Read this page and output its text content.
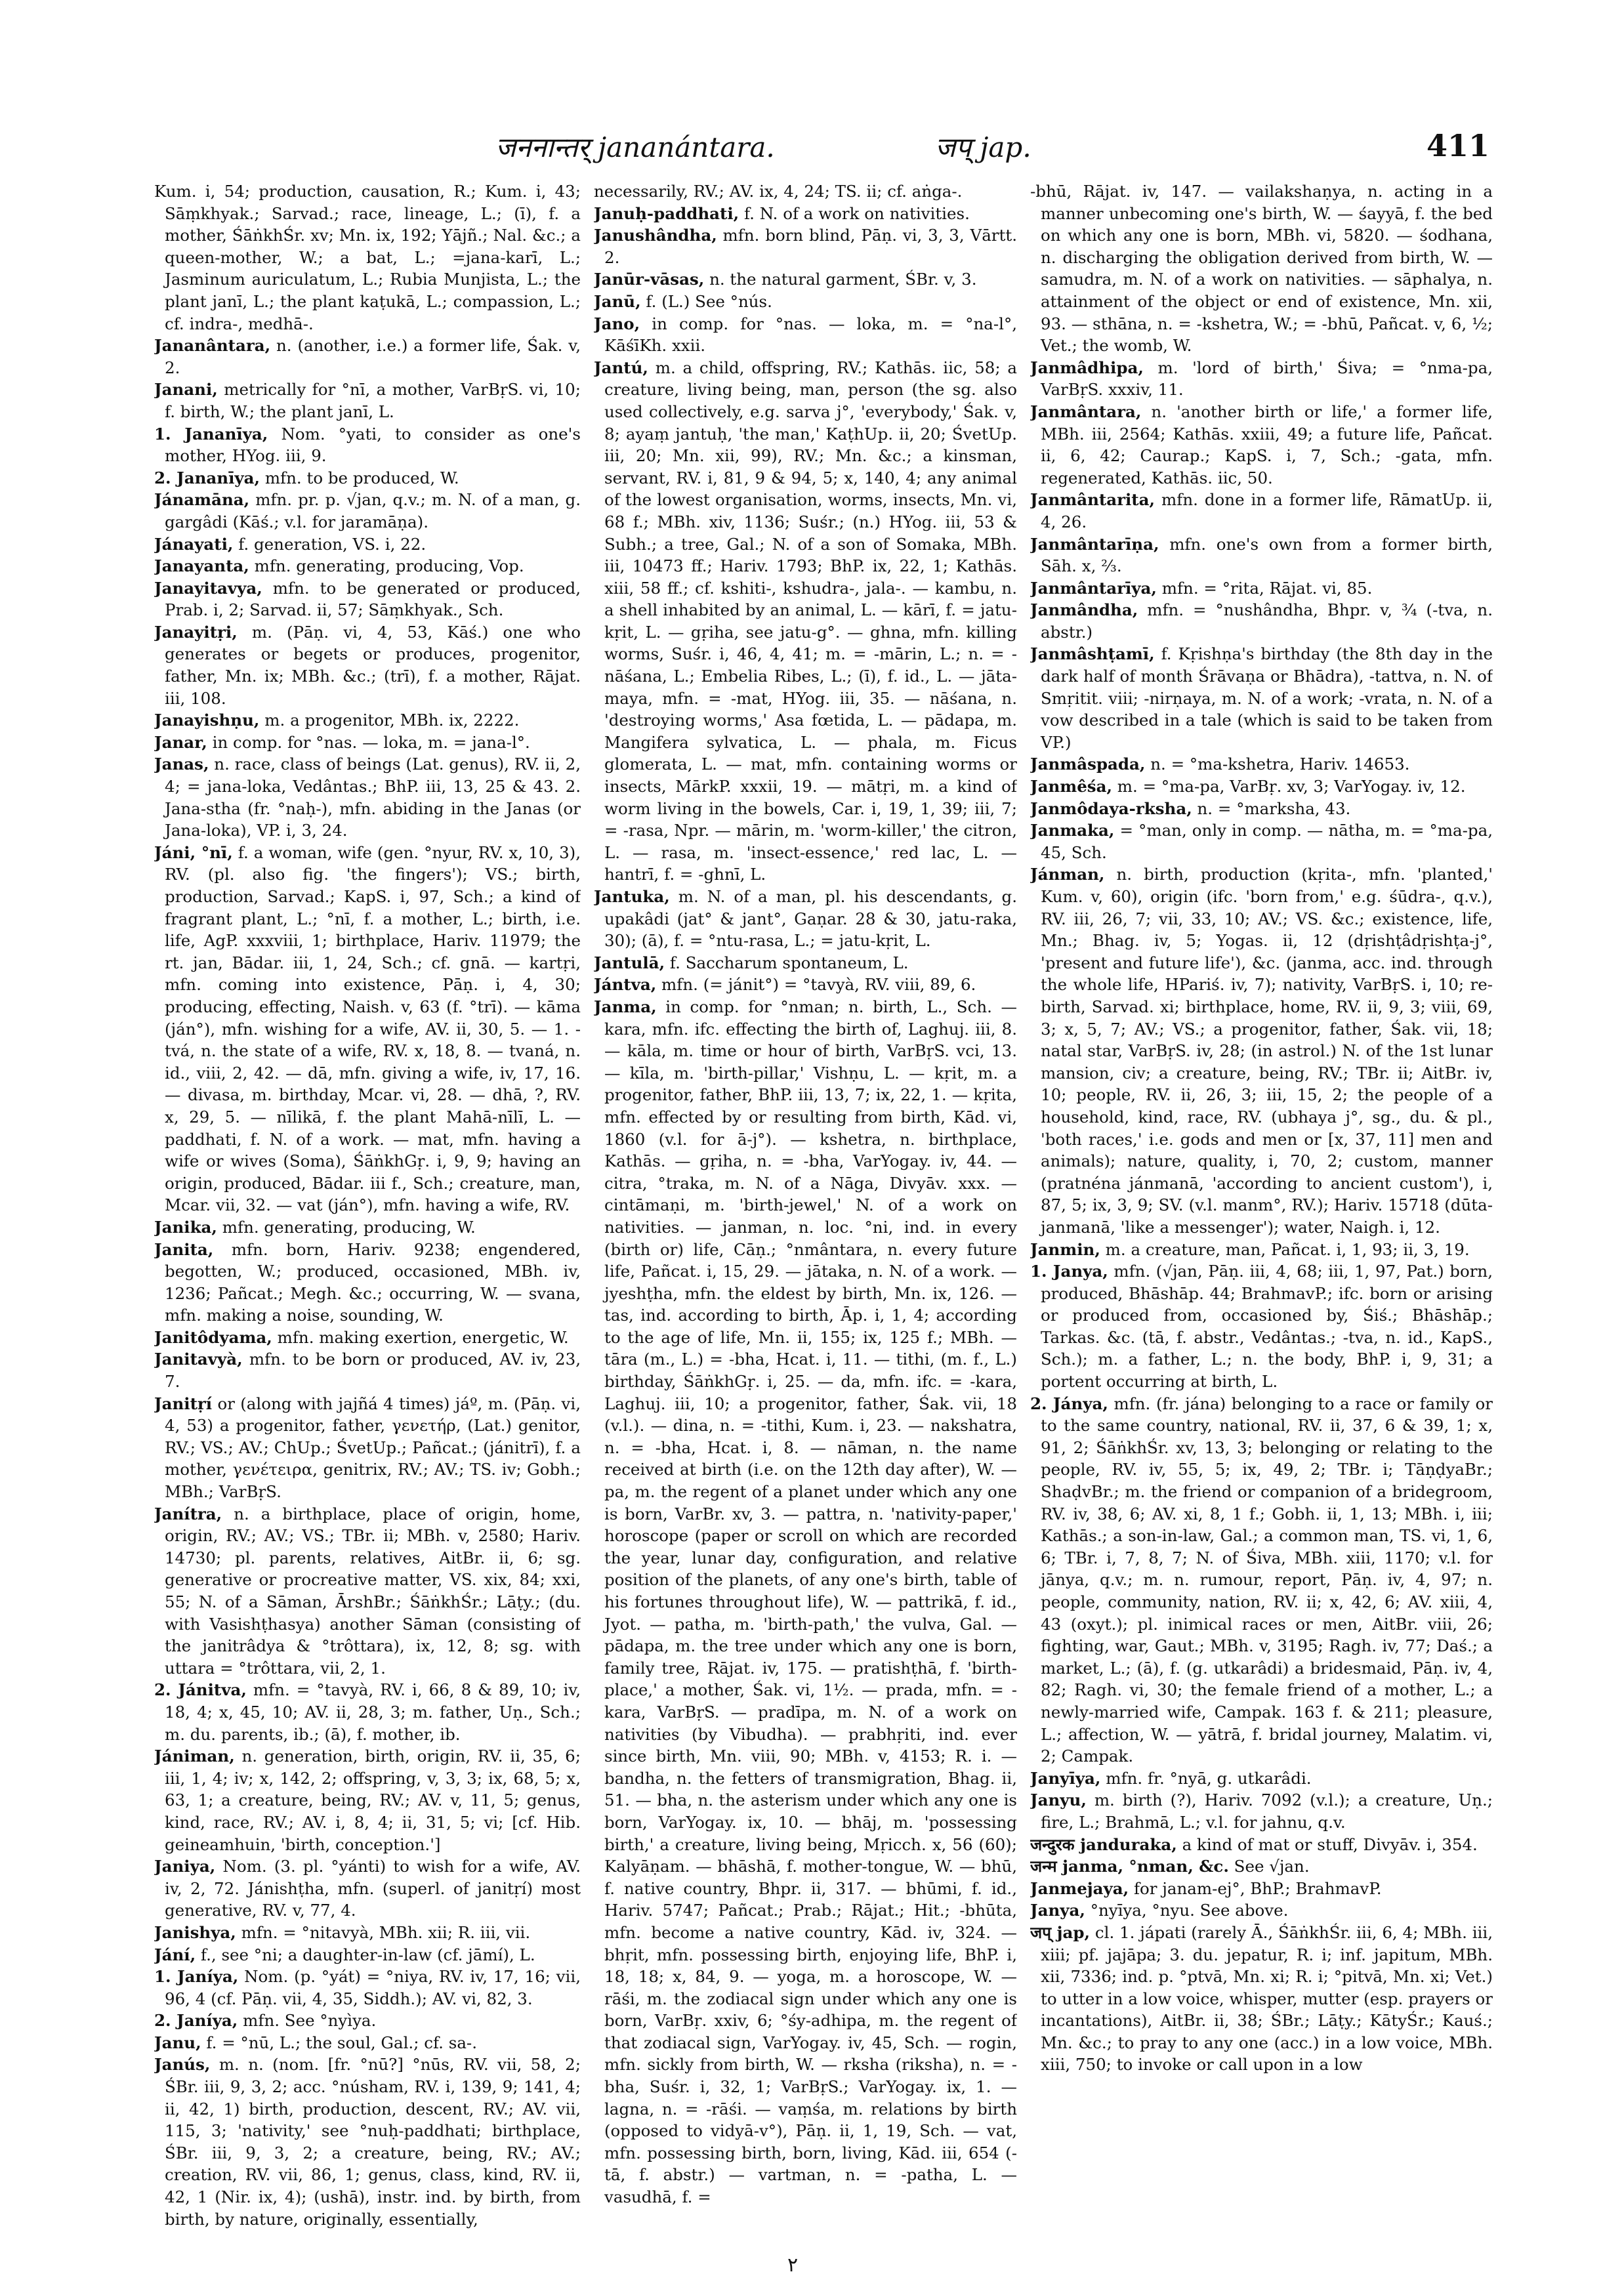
जननान्तर् jananántara.	जप् jap.	411

Kum. i, 54; production, causation, R.; Kum. i, 43; Sāṃkhyak.; Sarvad.; race, lineage, L.; (ī), f. a mother, ŚāṅkhŚr. xv; Mn. ix, 192; Yājñ.; Nal. &c.; a queen-mother, W.; a bat, L.; =jana-karī, L.; Jasminum auriculatum, L.; Rubia Munjista, L.; the plant janī, L.; the plant kaṭukā, L.; compassion, L.; cf. indra-, medhā-.

Jananântara, n. (another, i.e.) a former life, Śak. v, 2.

Janani, metrically for °nī, a mother, VarBṛS. vi, 10; f. birth, W.; the plant janī, L.

1. Jananīya, Nom. °yati, to consider as one's mother, HYog. iii, 9.

2. Jananīya, mfn. to be produced, W.

Jánamāna, mfn. pr. p. √jan, q.v.; m. N. of a man, g. gargâdi (Kāś.; v.l. for jaramāṇa).

Jánayati, f. generation, VS. i, 22.

Janayanta, mfn. generating, producing, Vop.

Janayitavya, mfn. to be generated or produced, Prab. i, 2; Sarvad. ii, 57; Sāṃkhyak., Sch.

Janayitṛi, m. (Pāṇ. vi, 4, 53, Kāś.) one who generates or begets or produces, progenitor, father, Mn. ix; MBh. &c.; (trī), f. a mother, Rājat. iii, 108.

Janayishṇu, m. a progenitor, MBh. ix, 2222.

Janar, in comp. for °nas. — loka, m. = jana-l°.

Janas, n. race, class of beings (Lat. genus), RV. ii, 2, 4; = jana-loka, Vedântas.; BhP. iii, 13, 25 & 43. 2. Jana-stha (fr. °naḥ-), mfn. abiding in the Janas (or Jana-loka), VP. i, 3, 24.

Jáni, °nī, f. a woman, wife (gen. °nyur, RV. x, 10, 3), RV. (pl. also fig. 'the fingers'); VS.; birth, production, Sarvad.; KapS. i, 97, Sch.; a kind of fragrant plant, L.; °nī, f. a mother, L.; birth, i.e. life, AgP. xxxviii, 1; birthplace, Hariv. 11979; the rt. jan, Bādar. iii, 1, 24, Sch.; cf. gnā. — kartṛi, mfn. coming into existence, Pāṇ. i, 4, 30; producing, effecting, Naish. v, 63 (f. °trī). — kāma (ján°), mfn. wishing for a wife, AV. ii, 30, 5. — 1. -tvá, n. the state of a wife, RV. x, 18, 8. — tvaná, n. id., viii, 2, 42. — dā, mfn. giving a wife, iv, 17, 16. — divasa, m. birthday, Mcar. vi, 28. — dhā, ?, RV. x, 29, 5. — nīlikā, f. the plant Mahā-nīlī, L. — paddhati, f. N. of a work. — mat, mfn. having a wife or wives (Soma), ŚāṅkhGṛ. i, 9, 9; having an origin, produced, Bādar. iii f., Sch.; creature, man, Mcar. vii, 32. — vat (ján°), mfn. having a wife, RV.

Janika, mfn. generating, producing, W.

Janita, mfn. born, Hariv. 9238; engendered, begotten, W.; produced, occasioned, MBh. iv, 1236; Pañcat.; Megh. &c.; occurring, W. — svana, mfn. making a noise, sounding, W.

Janitôdyama, mfn. making exertion, energetic, W.

Janitavyà, mfn. to be born or produced, AV. iv, 23, 7.

Janitṛí or (along with jajñá 4 times) jáº, m. (Pāṇ. vi, 4, 53) a progenitor, father, γενετήρ, (Lat.) genitor, RV.; VS.; AV.; ChUp.; ŚvetUp.; Pañcat.; (jánitrī), f. a mother, γενέτειρα, genitrix, RV.; AV.; TS. iv; Gobh.; MBh.; VarBṛS.

Janítra, n. a birthplace, place of origin, home, origin, RV.; AV.; VS.; TBr. ii; MBh. v, 2580; Hariv. 14730; pl. parents, relatives, AitBr. ii, 6; sg. generative or procreative matter, VS. xix, 84; xxi, 55; N. of a Sāman, ĀrshBr.; ŚāṅkhŚr.; Lāṭy.; (du. with Vasishṭhasya) another Sāman (consisting of the janitrâdya & °trôttara), ix, 12, 8; sg. with uttara = °trôttara, vii, 2, 1.

2. Jánitva, mfn. = °tavyà, RV. i, 66, 8 & 89, 10; iv, 18, 4; x, 45, 10; AV. ii, 28, 3; m. father, Uṇ., Sch.; m. du. parents, ib.; (ā), f. mother, ib.

Jániman, n. generation, birth, origin, RV. ii, 35, 6; iii, 1, 4; iv; x, 142, 2; offspring, v, 3, 3; ix, 68, 5; x, 63, 1; a creature, being, RV.; AV. v, 11, 5; genus, kind, race, RV.; AV. i, 8, 4; ii, 31, 5; vi; [cf. Hib. geineamhuin, 'birth, conception.']

Janiya, Nom. (3. pl. °yánti) to wish for a wife, AV. iv, 2, 72. Jánishṭha, mfn. (superl. of janitṛí) most generative, RV. v, 77, 4.

Janishya, mfn. = °nitavyà, MBh. xii; R. iii, vii.

Jání, f., see °ni; a daughter-in-law (cf. jāmí), L.

1. Janíya, Nom. (p. °yát) = °niya, RV. iv, 17, 16; vii, 96, 4 (cf. Pāṇ. vii, 4, 35, Siddh.); AV. vi, 82, 3.

2. Janíya, mfn. See °nyìya.

Janu, f. = °nū, L.; the soul, Gal.; cf. sa-.

Janús, m. n. (nom. [fr. °nū?] °nūs, RV. vii, 58, 2; ŚBr. iii, 9, 3, 2; acc. °núsham, RV. i, 139, 9; 141, 4; ii, 42, 1) birth, production, descent, RV.; AV. vii, 115, 3; 'nativity,' see °nuḥ-paddhati; birthplace, ŚBr. iii, 9, 3, 2; a creature, being, RV.; AV.; creation, RV. vii, 86, 1; genus, class, kind, RV. ii, 42, 1 (Nir. ix, 4); (ushā), instr. ind. by birth, from birth, by nature, originally, essentially,

necessarily, RV.; AV. ix, 4, 24; TS. ii; cf. aṅga-.

Januḥ-paddhati, f. N. of a work on nativities.

Janushândha, mfn. born blind, Pāṇ. vi, 3, 3, Vārtt. 2.

Janūr-vāsas, n. the natural garment, ŚBr. v, 3.

Janū, f. (L.) See °nús.

Jano, in comp. for °nas. — loka, m. = °na-l°, KāśīKh. xxii.

Jantú, m. a child, offspring, RV.; Kathās. iic, 58; a creature, living being, man, person (the sg. also used collectively, e.g. sarva j°, 'everybody,' Śak. v, 8; ayaṃ jantuḥ, 'the man,' KaṭhUp. ii, 20; ŚvetUp. iii, 20; Mn. xii, 99), RV.; Mn. &c.; a kinsman, servant, RV. i, 81, 9 & 94, 5; x, 140, 4; any animal of the lowest organisation, worms, insects, Mn. vi, 68 f.; MBh. xiv, 1136; Suśr.; (n.) HYog. iii, 53 & Subh.; a tree, Gal.; N. of a son of Somaka, MBh. iii, 10473 ff.; Hariv. 1793; BhP. ix, 22, 1; Kathās. xiii, 58 ff.; cf. kshiti-, kshudra-, jala-. — kambu, n. a shell inhabited by an animal, L. — kārī, f. = jatu-kṛit, L. — gṛiha, see jatu-g°. — ghna, mfn. killing worms, Suśr. i, 46, 4, 41; m. = -mārin, L.; n. = -nāśana, L.; Embelia Ribes, L.; (ī), f. id., L. — jāta-maya, mfn. = -mat, HYog. iii, 35. — nāśana, n. 'destroying worms,' Asa fœtida, L. — pādapa, m. Mangifera sylvatica, L. — phala, m. Ficus glomerata, L. — mat, mfn. containing worms or insects, MārkP. xxxii, 19. — mātṛi, m. a kind of worm living in the bowels, Car. i, 19, 1, 39; iii, 7; = -rasa, Npr. — mārin, m. 'worm-killer,' the citron, L. — rasa, m. 'insect-essence,' red lac, L. — hantrī, f. = -ghnī, L.

Jantuka, m. N. of a man, pl. his descendants, g. upakâdi (jat° & jant°, Gaṇar. 28 & 30, jatu-raka, 30); (ā), f. = °ntu-rasa, L.; = jatu-kṛit, L.

Jantulā, f. Saccharum spontaneum, L.

Jántva, mfn. (= jánit°) = °tavyà, RV. viii, 89, 6.

Janma, in comp. for °nman; n. birth, L., Sch. — kara, mfn. ifc. effecting the birth of, Laghuj. iii, 8. — kāla, m. time or hour of birth, VarBṛS. vci, 13. — kīla, m. 'birth-pillar,' Vishṇu, L. — kṛit, m. a progenitor, father, BhP. iii, 13, 7; ix, 22, 1. — kṛita, mfn. effected by or resulting from birth, Kād. vi, 1860 (v.l. for ā-j°). — kshetra, n. birthplace, Kathās. — gṛiha, n. = -bha, VarYogay. iv, 44. — citra, °traka, m. N. of a Nāga, Divyāv. xxx. — cintāmaṇi, m. 'birth-jewel,' N. of a work on nativities. — janman, n. loc. °ni, ind. in every (birth or) life, Cāṇ.; °nmântara, n. every future life, Pañcat. i, 15, 29. — jātaka, n. N. of a work. — jyeshṭha, mfn. the eldest by birth, Mn. ix, 126. — tas, ind. according to birth, Āp. i, 1, 4; according to the age of life, Mn. ii, 155; ix, 125 f.; MBh. — tāra (m., L.) = -bha, Hcat. i, 11. — tithi, (m. f., L.) birthday, ŚāṅkhGṛ. i, 25. — da, mfn. ifc. = -kara, Laghuj. iii, 10; a progenitor, father, Śak. vii, 18 (v.l.). — dina, n. = -tithi, Kum. i, 23. — nakshatra, n. = -bha, Hcat. i, 8. — nāman, n. the name received at birth (i.e. on the 12th day after), W. — pa, m. the regent of a planet under which any one is born, VarBr. xv, 3. — pattra, n. 'nativity-paper,' horoscope (paper or scroll on which are recorded the year, lunar day, configuration, and relative position of the planets, of any one's birth, table of his fortunes throughout life), W. — pattrikā, f. id., Jyot. — patha, m. 'birth-path,' the vulva, Gal. — pādapa, m. the tree under which any one is born, family tree, Rājat. iv, 175. — pratishṭhā, f. 'birth-place,' a mother, Śak. vi, 1½. — prada, mfn. = -kara, VarBṛS. — pradīpa, m. N. of a work on nativities (by Vibudha). — prabhṛiti, ind. ever since birth, Mn. viii, 90; MBh. v, 4153; R. i. — bandha, n. the fetters of transmigration, Bhag. ii, 51. — bha, n. the asterism under which any one is born, VarYogay. ix, 10. — bhāj, m. 'possessing birth,' a creature, living being, Mṛicch. x, 56 (60); Kalyāṇam. — bhāshā, f. mother-tongue, W. — bhū, f. native country, Bhpr. ii, 317. — bhūmi, f. id., Hariv. 5747; Pañcat.; Prab.; Rājat.; Hit.; -bhūta, mfn. become a native country, Kād. iv, 324. — bhṛit, mfn. possessing birth, enjoying life, BhP. i, 18, 18; x, 84, 9. — yoga, m. a horoscope, W. — rāśi, m. the zodiacal sign under which any one is born, VarBṛ. xxiv, 6; °śy-adhipa, m. the regent of that zodiacal sign, VarYogay. iv, 45, Sch. — rogin, mfn. sickly from birth, W. — rksha (riksha), n. = -bha, Suśr. i, 32, 1; VarBṛS.; VarYogay. ix, 1. — lagna, n. = -rāśi. — vaṃśa, m. relations by birth (opposed to vidyā-v°), Pāṇ. ii, 1, 19, Sch. — vat, mfn. possessing birth, born, living, Kād. iii, 654 (-tā, f. abstr.) — vartman, n. = -patha, L. — vasudhā, f. =

-bhū, Rājat. iv, 147. — vailakshaṇya, n. acting in a manner unbecoming one's birth, W. — śayyā, f. the bed on which any one is born, MBh. vi, 5820. — śodhana, n. discharging the obligation derived from birth, W. — samudra, m. N. of a work on nativities. — sāphalya, n. attainment of the object or end of existence, Mn. xii, 93. — sthāna, n. = -kshetra, W.; = -bhū, Pañcat. v, 6, ½; Vet.; the womb, W.

Janmâdhipa, m. 'lord of birth,' Śiva; = °nma-pa, VarBṛS. xxxiv, 11.

Janmântara, n. 'another birth or life,' a former life, MBh. iii, 2564; Kathās. xxiii, 49; a future life, Pañcat. ii, 6, 42; Caurap.; KapS. i, 7, Sch.; -gata, mfn. regenerated, Kathās. iic, 50.

Janmântarita, mfn. done in a former life, RāmatUp. ii, 4, 26.

Janmântarīṇa, mfn. one's own from a former birth, Sāh. x, ⅔.

Janmântarīya, mfn. = °rita, Rājat. vi, 85.

Janmândha, mfn. = °nushândha, Bhpr. v, ¾ (-tva, n. abstr.)

Janmâshṭamī, f. Kṛishṇa's birthday (the 8th day in the dark half of month Śrāvaṇa or Bhādra), -tattva, n. N. of Smṛitit. viii; -nirṇaya, m. N. of a work; -vrata, n. N. of a vow described in a tale (which is said to be taken from VP.)

Janmâspada, n. = °ma-kshetra, Hariv. 14653.

Janmêśa, m. = °ma-pa, VarBṛ. xv, 3; VarYogay. iv, 12.

Janmôdaya-rksha, n. = °marksha, 43.

Janmaka, = °man, only in comp. — nātha, m. = °ma-pa, 45, Sch.

Jánman, n. birth, production (kṛita-, mfn. 'planted,' Kum. v, 60), origin (ifc. 'born from,' e.g. śūdra-, q.v.), RV. iii, 26, 7; vii, 33, 10; AV.; VS. &c.; existence, life, Mn.; Bhag. iv, 5; Yogas. ii, 12 (dṛishṭâdṛishṭa-j°, 'present and future life'), &c. (janma, acc. ind. through the whole life, HPariś. iv, 7); nativity, VarBṛS. i, 10; re-birth, Sarvad. xi; birthplace, home, RV. ii, 9, 3; viii, 69, 3; x, 5, 7; AV.; VS.; a progenitor, father, Śak. vii, 18; natal star, VarBṛS. iv, 28; (in astrol.) N. of the 1st lunar mansion, civ; a creature, being, RV.; TBr. ii; AitBr. iv, 10; people, RV. ii, 26, 3; iii, 15, 2; the people of a household, kind, race, RV. (ubhaya j°, sg., du. & pl., 'both races,' i.e. gods and men or [x, 37, 11] men and animals); nature, quality, i, 70, 2; custom, manner (pratnéna jánmanā, 'according to ancient custom'), i, 87, 5; ix, 3, 9; SV. (v.l. manm°, RV.); Hariv. 15718 (dūta-janmanā, 'like a messenger'); water, Naigh. i, 12.

Janmin, m. a creature, man, Pañcat. i, 1, 93; ii, 3, 19.

1. Janya, mfn. (√jan, Pāṇ. iii, 4, 68; iii, 1, 97, Pat.) born, produced, Bhāshāp. 44; BrahmavP.; ifc. born or arising or produced from, occasioned by, Śiś.; Bhāshāp.; Tarkas. &c. (tā, f. abstr., Vedântas.; -tva, n. id., KapS., Sch.); m. a father, L.; n. the body, BhP. i, 9, 31; a portent occurring at birth, L.

2. Jánya, mfn. (fr. jána) belonging to a race or family or to the same country, national, RV. ii, 37, 6 & 39, 1; x, 91, 2; ŚāṅkhŚr. xv, 13, 3; belonging or relating to the people, RV. iv, 55, 5; ix, 49, 2; TBr. i; TāṇḍyaBr.; ShaḍvBr.; m. the friend or companion of a bridegroom, RV. iv, 38, 6; AV. xi, 8, 1 f.; Gobh. ii, 1, 13; MBh. i, iii; Kathās.; a son-in-law, Gal.; a common man, TS. vi, 1, 6, 6; TBr. i, 7, 8, 7; N. of Śiva, MBh. xiii, 1170; v.l. for jānya, q.v.; m. n. rumour, report, Pāṇ. iv, 4, 97; n. people, community, nation, RV. ii; x, 42, 6; AV. xiii, 4, 43 (oxyt.); pl. inimical races or men, AitBr. viii, 26; fighting, war, Gaut.; MBh. v, 3195; Ragh. iv, 77; Daś.; a market, L.; (ā), f. (g. utkarâdi) a bridesmaid, Pāṇ. iv, 4, 82; Ragh. vi, 30; the female friend of a mother, L.; a newly-married wife, Campak. 163 f. & 211; pleasure, L.; affection, W. — yātrā, f. bridal journey, Malatim. vi, 2; Campak.

Janyīya, mfn. fr. °nyā, g. utkarâdi.

Janyu, m. birth (?), Hariv. 7092 (v.l.); a creature, Uṇ.; fire, L.; Brahmā, L.; v.l. for jahnu, q.v.

जन्दुरक janduraka, a kind of mat or stuff, Divyāv. i, 354.

जन्म janma, °nman, &c. See √jan.

Janmejaya, for janam-ej°, BhP.; BrahmavP.

Janya, °nyīya, °nyu. See above.

जप् jap, cl. 1. jápati (rarely Ā., ŚāṅkhŚr. iii, 6, 4; MBh. iii, xiii; pf. jajāpa; 3. du. jepatur, R. i; inf. japitum, MBh. xii, 7336; ind. p. °ptvā, Mn. xi; R. i; °pitvā, Mn. xi; Vet.) to utter in a low voice, whisper, mutter (esp. prayers or incantations), AitBr. ii, 38; ŚBr.; Lāṭy.; KātyŚr.; Kauś.; Mn. &c.; to pray to any one (acc.) in a low voice, MBh. xiii, 750; to invoke or call upon in a low

۲
